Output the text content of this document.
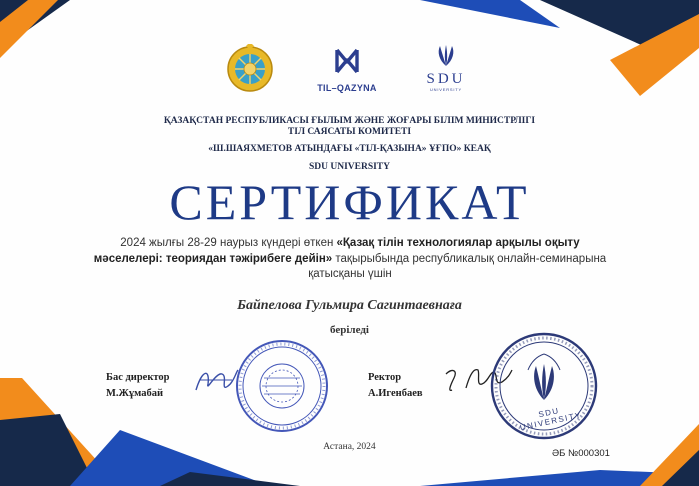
TIL–QAZYNA
SDU
UNIVERSITY
ҚАЗАҚСТАН РЕСПУБЛИКАСЫ ҒЫЛЫМ ЖӘНЕ ЖОҒАРЫ БІЛІМ МИНИСТРЛІГІ
ТІЛ САЯСАТЫ КОМИТЕТІ
«Ш.ШАЯХМЕТОВ АТЫНДАҒЫ «ТІЛ-ҚАЗЫНА» ҰҒПО» КЕАҚ
SDU UNIVERSITY
СЕРТИФИКАТ
2024 жылғы 28-29 наурыз күндері өткен «Қазақ тілін технологиялар арқылы оқыту мәселелері: теориядан тәжірибеге дейін» тақырыбында республикалық онлайн-семинарына қатысқаны үшін
Байпелова Гульмира Сагинтаевнаға
беріледі
Бас директор
М.Жұмабай
Ректор
А.Игенбаев
SDU UNIVERSITY
Астана, 2024
ӘБ №000301
